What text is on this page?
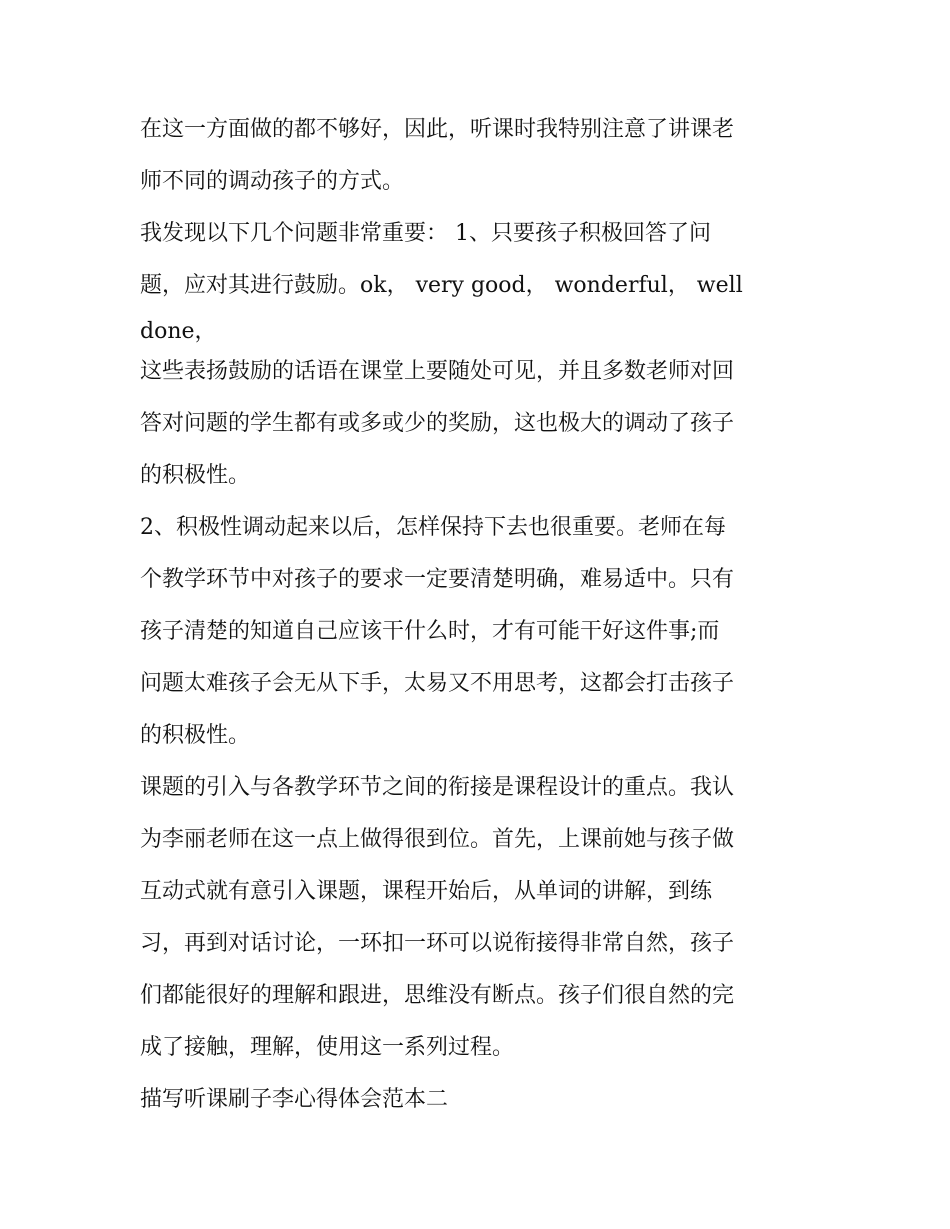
在这一方面做的都不够好，因此，听课时我特别注意了讲课老
师不同的调动孩子的方式。
我发现以下几个问题非常重要： 1、只要孩子积极回答了问
题，应对其进行鼓励。ok， very good， wonderful， well
done，
这些表扬鼓励的话语在课堂上要随处可见，并且多数老师对回
答对问题的学生都有或多或少的奖励，这也极大的调动了孩子
的积极性。
2、积极性调动起来以后，怎样保持下去也很重要。老师在每
个教学环节中对孩子的要求一定要清楚明确，难易适中。只有
孩子清楚的知道自己应该干什么时，才有可能干好这件事;而
问题太难孩子会无从下手，太易又不用思考，这都会打击孩子
的积极性。
课题的引入与各教学环节之间的衔接是课程设计的重点。我认
为李丽老师在这一点上做得很到位。首先，上课前她与孩子做
互动式就有意引入课题，课程开始后，从单词的讲解，到练
习，再到对话讨论，一环扣一环可以说衔接得非常自然，孩子
们都能很好的理解和跟进，思维没有断点。孩子们很自然的完
成了接触，理解，使用这一系列过程。
描写听课刷子李心得体会范本二
